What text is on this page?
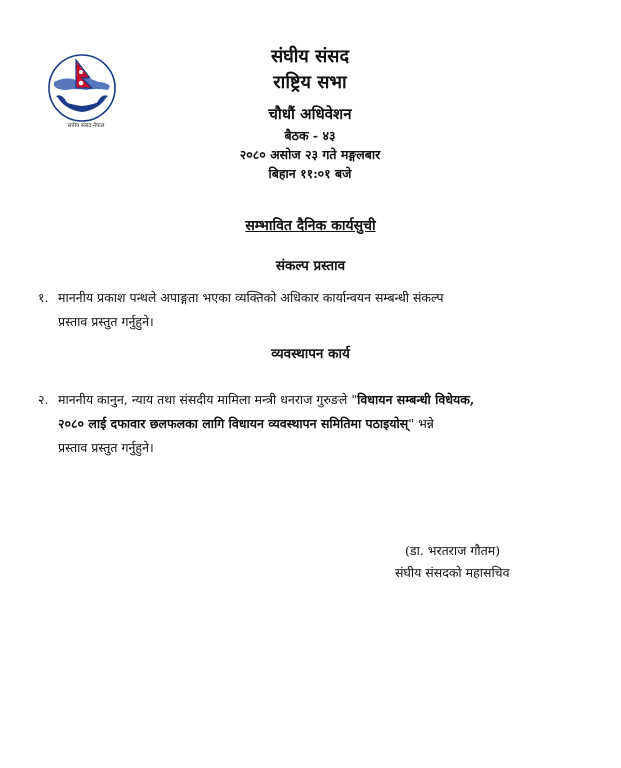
संघीय संसद नेपाल
संघीय संसद
राष्ट्रिय सभा
चौधौं अधिवेशन
बैठक - ४३
२०८० असोज २३ गते मङ्गलबार
बिहान ११:०१ बजे
सम्भावित दैनिक कार्यसुची
संकल्प प्रस्ताव
१. माननीय प्रकाश पन्थले अपाङ्गता भएका व्यक्तिको अधिकार कार्यान्वयन सम्बन्धी संकल्प
प्रस्ताव प्रस्तुत गर्नुहुने।
व्यवस्थापन कार्य
२. माननीय कानुन, न्याय तथा संसदीय मामिला मन्त्री धनराज गुरुङले "विधायन सम्बन्धी विधेयक,
२०८० लाई दफावार छलफलका लागि विधायन व्यवस्थापन समितिमा पठाइयोस्" भन्ने
प्रस्ताव प्रस्तुत गर्नुहुने।
(डा. भरतराज गौतम)
संघीय संसदको महासचिव
